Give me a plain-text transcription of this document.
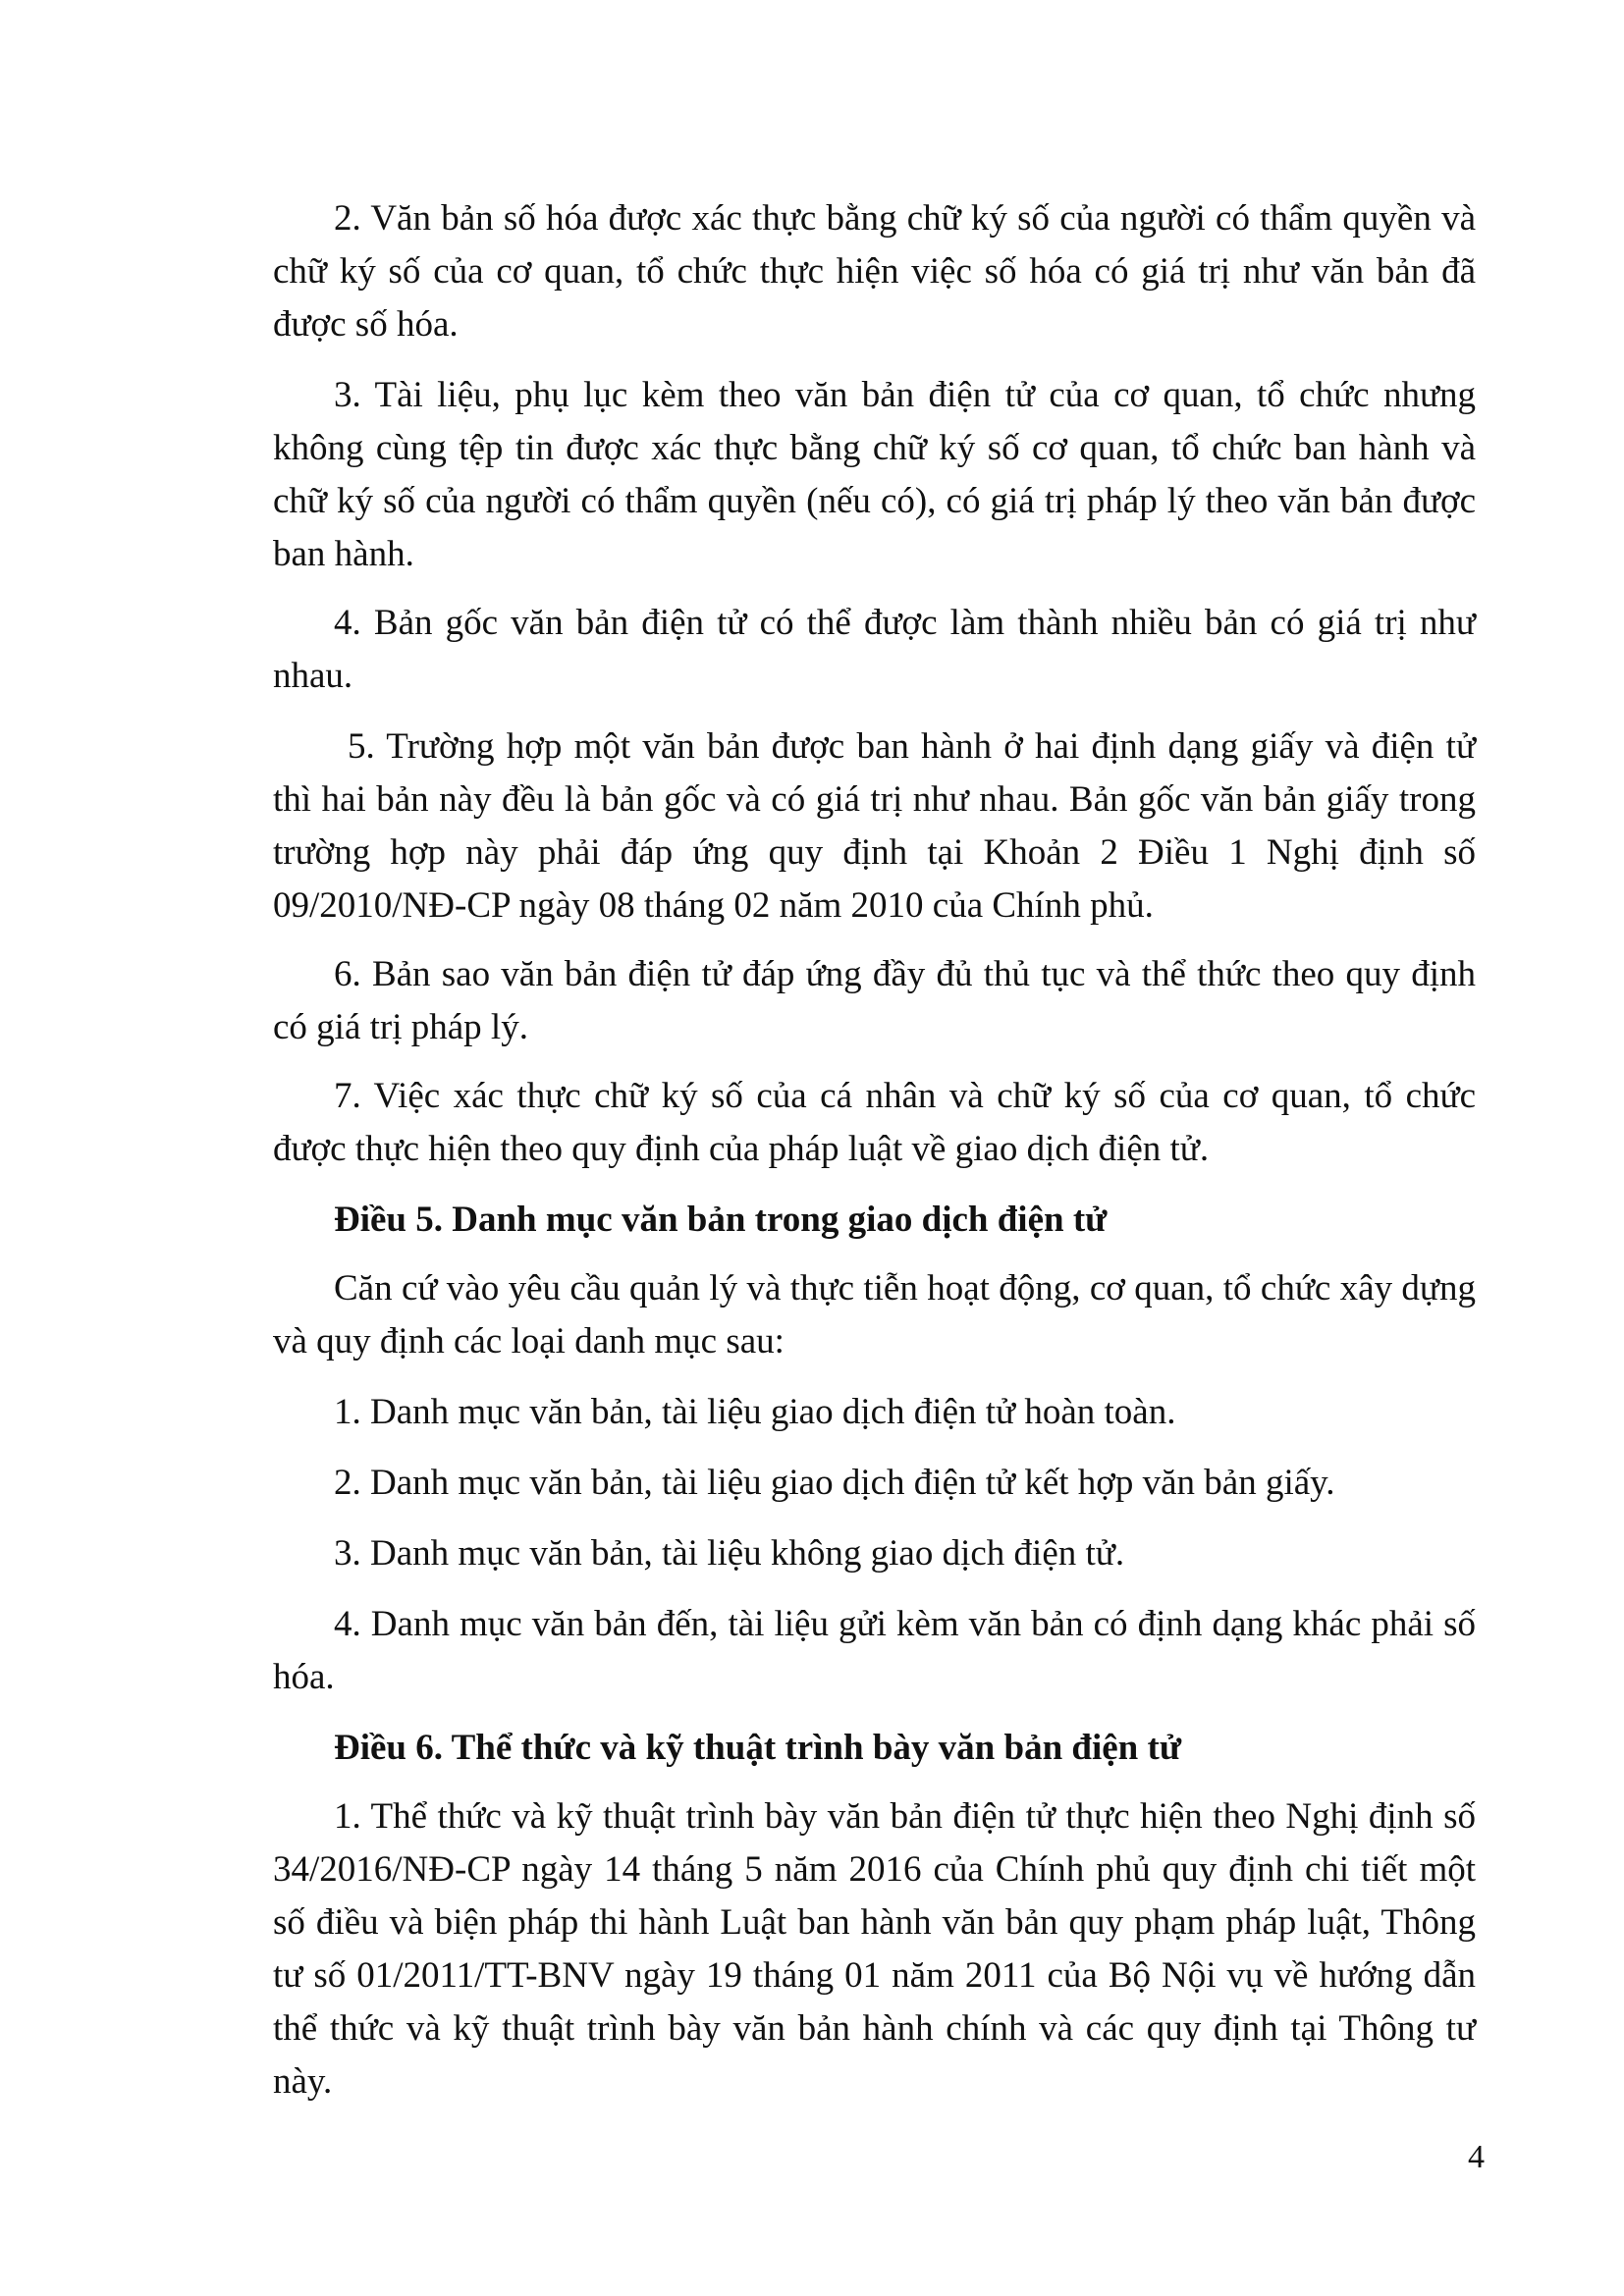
2. Văn bản số hóa được xác thực bằng chữ ký số của người có thẩm quyền và chữ ký số của cơ quan, tổ chức thực hiện việc số hóa có giá trị như văn bản đã được số hóa.

3. Tài liệu, phụ lục kèm theo văn bản điện tử của cơ quan, tổ chức nhưng không cùng tệp tin được xác thực bằng chữ ký số cơ quan, tổ chức ban hành và chữ ký số của người có thẩm quyền (nếu có), có giá trị pháp lý theo văn bản được ban hành.

4. Bản gốc văn bản điện tử có thể được làm thành nhiều bản có giá trị như nhau.

5. Trường hợp một văn bản được ban hành ở hai định dạng giấy và điện tử thì hai bản này đều là bản gốc và có giá trị như nhau. Bản gốc văn bản giấy trong trường hợp này phải đáp ứng quy định tại Khoản 2 Điều 1 Nghị định số 09/2010/NĐ-CP ngày 08 tháng 02 năm 2010 của Chính phủ.

6. Bản sao văn bản điện tử đáp ứng đầy đủ thủ tục và thể thức theo quy định có giá trị pháp lý.

7. Việc xác thực chữ ký số của cá nhân và chữ ký số của cơ quan, tổ chức được thực hiện theo quy định của pháp luật về giao dịch điện tử.

Điều 5. Danh mục văn bản trong giao dịch điện tử

Căn cứ vào yêu cầu quản lý và thực tiễn hoạt động, cơ quan, tổ chức xây dựng và quy định các loại danh mục sau:

1. Danh mục văn bản, tài liệu giao dịch điện tử hoàn toàn.

2. Danh mục văn bản, tài liệu giao dịch điện tử kết hợp văn bản giấy.

3. Danh mục văn bản, tài liệu không giao dịch điện tử.

4. Danh mục văn bản đến, tài liệu gửi kèm văn bản có định dạng khác phải số hóa.

Điều 6. Thể thức và kỹ thuật trình bày văn bản điện tử

1. Thể thức và kỹ thuật trình bày văn bản điện tử thực hiện theo Nghị định số 34/2016/NĐ-CP ngày 14 tháng 5 năm 2016 của Chính phủ quy định chi tiết một số điều và biện pháp thi hành Luật ban hành văn bản quy phạm pháp luật, Thông tư số 01/2011/TT-BNV ngày 19 tháng 01 năm 2011 của Bộ Nội vụ về hướng dẫn thể thức và kỹ thuật trình bày văn bản hành chính và các quy định tại Thông tư này.

4
